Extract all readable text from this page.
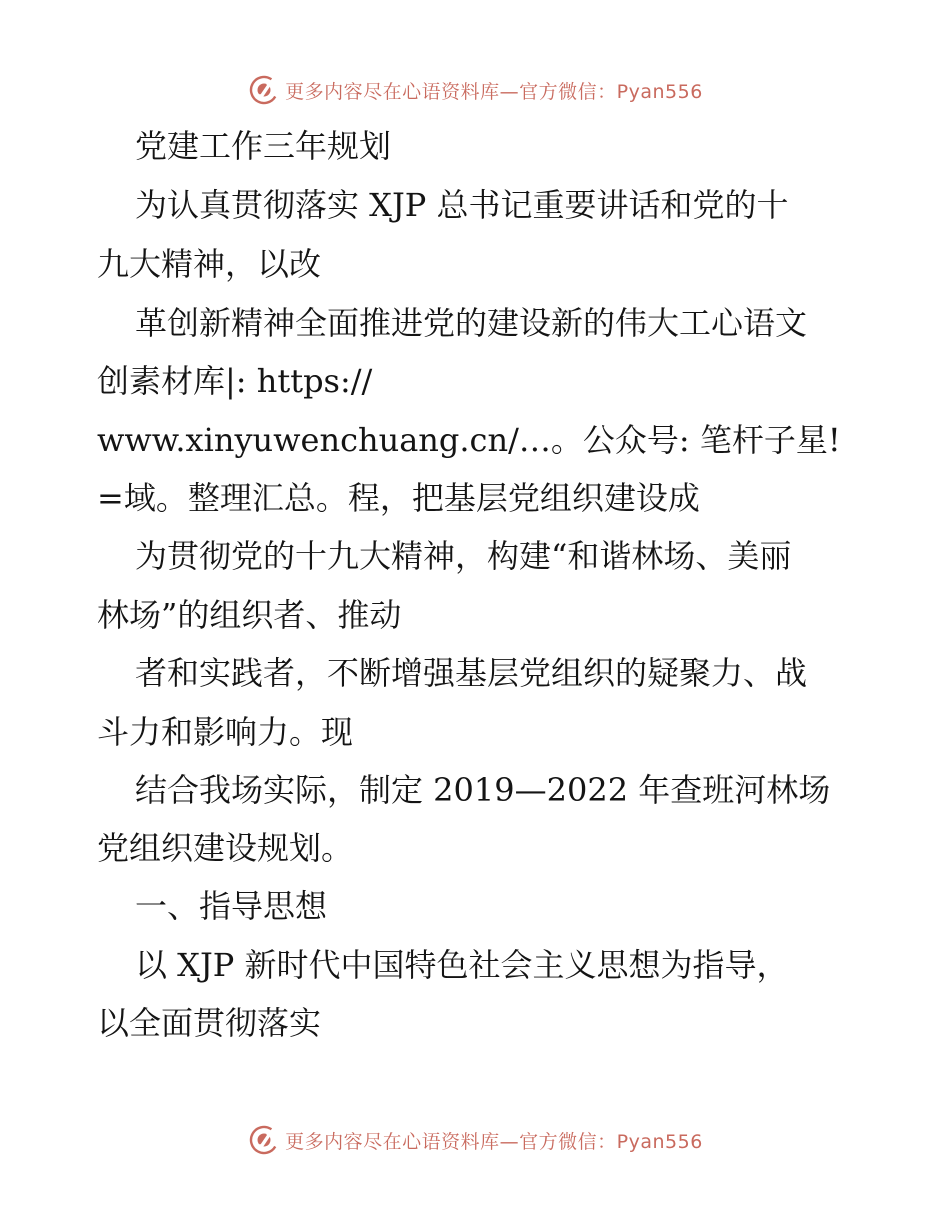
更多内容尽在心语资料库—官方微信：Pyan556
党建工作三年规划
为认真贯彻落实 XJP 总书记重要讲话和党的十
九大精神，以改
革创新精神全面推进党的建设新的伟大工心语文
创素材库|: https://
www.xinyuwenchuang.cn/…。公众号: 笔杆子星!
=域。整理汇总。程，把基层党组织建设成
为贯彻党的十九大精神，构建“和谐林场、美丽
林场”的组织者、推动
者和实践者，不断增强基层党组织的疑聚力、战
斗力和影响力。现
结合我场实际，制定 2019—2022 年查班河林场
党组织建设规划。
一、指导思想
以 XJP 新时代中国特色社会主义思想为指导，
以全面贯彻落实
更多内容尽在心语资料库—官方微信：Pyan556
